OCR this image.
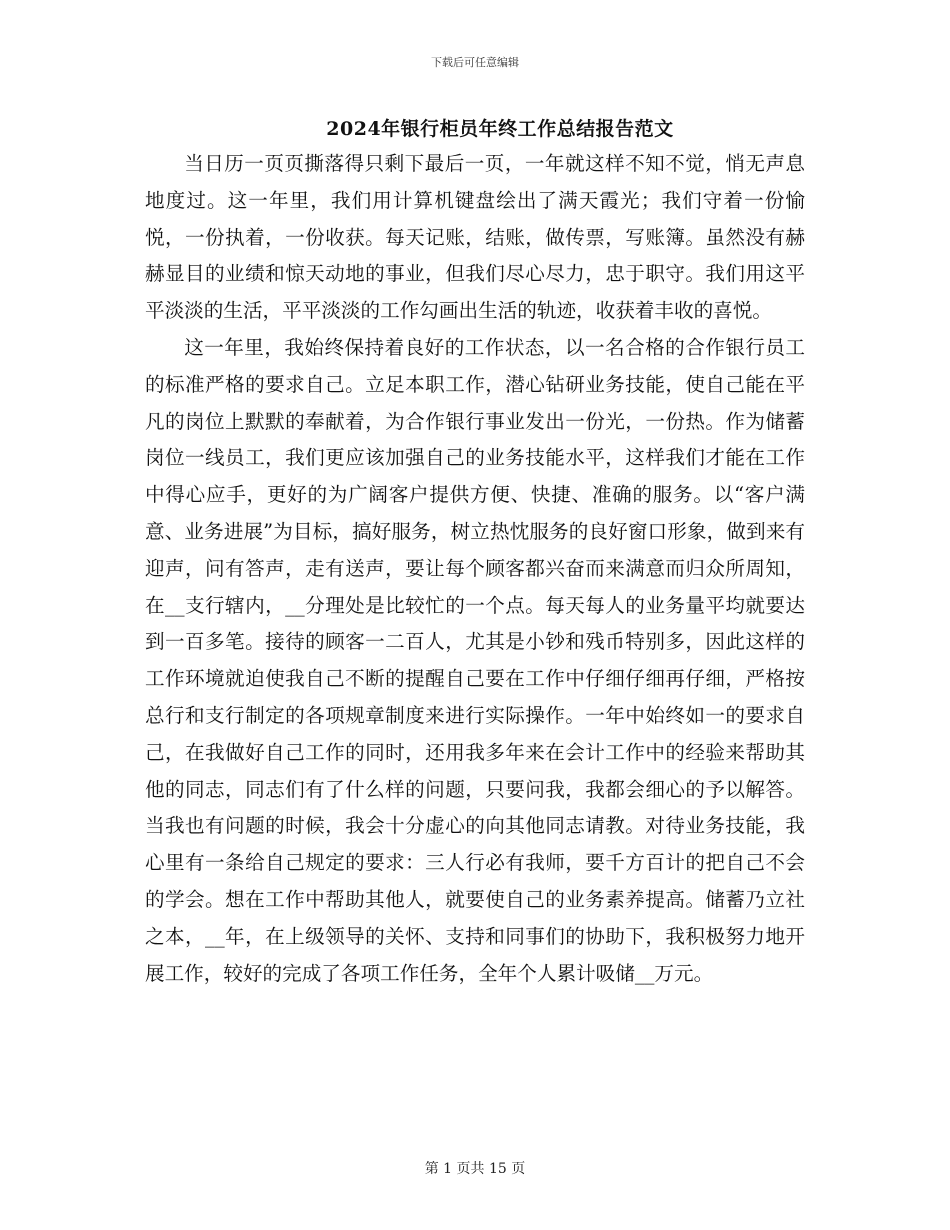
下载后可任意编辑
2024年银行柜员年终工作总结报告范文

当日历一页页撕落得只剩下最后一页，一年就这样不知不觉，悄无声息地度过。这一年里，我们用计算机键盘绘出了满天霞光；我们守着一份愉悦，一份执着，一份收获。每天记账，结账，做传票，写账簿。虽然没有赫赫显目的业绩和惊天动地的事业，但我们尽心尽力，忠于职守。我们用这平平淡淡的生活，平平淡淡的工作勾画出生活的轨迹，收获着丰收的喜悦。

这一年里，我始终保持着良好的工作状态，以一名合格的合作银行员工的标准严格的要求自己。立足本职工作，潜心钻研业务技能，使自己能在平凡的岗位上默默的奉献着，为合作银行事业发出一份光，一份热。作为储蓄岗位一线员工，我们更应该加强自己的业务技能水平，这样我们才能在工作中得心应手，更好的为广阔客户提供方便、快捷、准确的服务。以“客户满意、业务进展”为目标，搞好服务，树立热忱服务的良好窗口形象，做到来有迎声，问有答声，走有送声，要让每个顾客都兴奋而来满意而归众所周知，在__支行辖内，__分理处是比较忙的一个点。每天每人的业务量平均就要达到一百多笔。接待的顾客一二百人，尤其是小钞和残币特别多，因此这样的工作环境就迫使我自己不断的提醒自己要在工作中仔细仔细再仔细，严格按总行和支行制定的各项规章制度来进行实际操作。一年中始终如一的要求自己，在我做好自己工作的同时，还用我多年来在会计工作中的经验来帮助其他的同志，同志们有了什么样的问题，只要问我，我都会细心的予以解答。当我也有问题的时候，我会十分虚心的向其他同志请教。对待业务技能，我心里有一条给自己规定的要求：三人行必有我师，要千方百计的把自己不会的学会。想在工作中帮助其他人，就要使自己的业务素养提高。储蓄乃立社之本，__年，在上级领导的关怀、支持和同事们的协助下，我积极努力地开展工作，较好的完成了各项工作任务，全年个人累计吸储__万元。

第 1 页共 15 页
